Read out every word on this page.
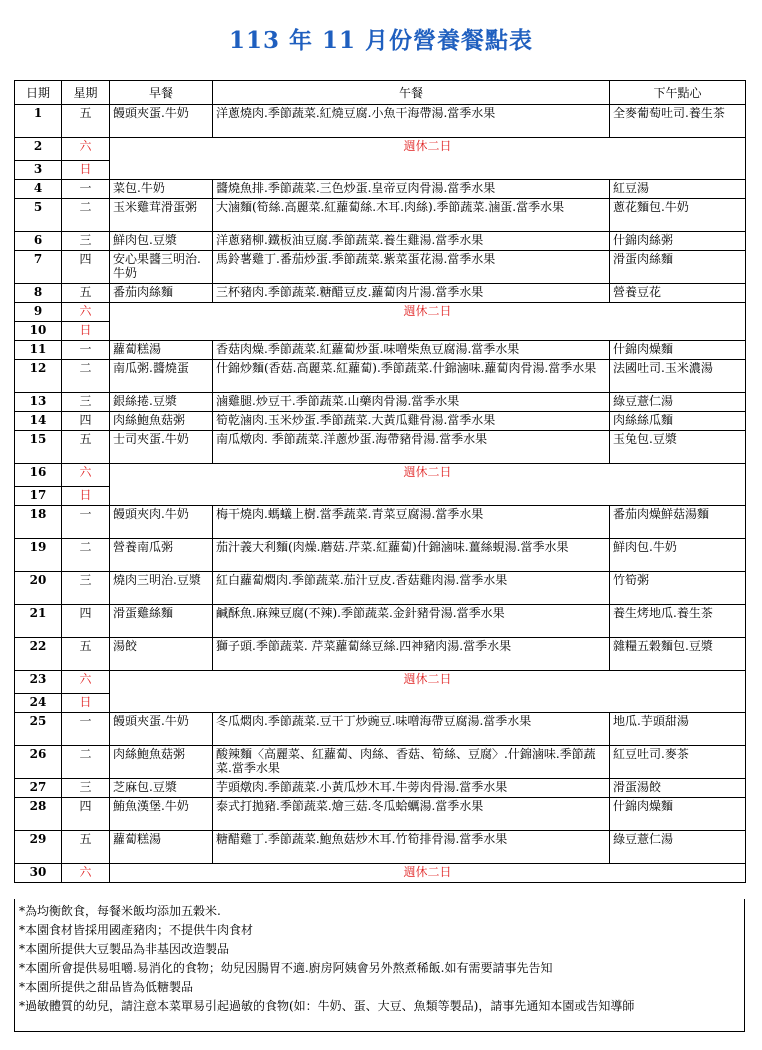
113 年 11 月份營養餐點表
日期	星期	早餐	午餐	下午點心
1	五	饅頭夾蛋.牛奶	洋蔥燒肉.季節蔬菜.紅燒豆腐.小魚干海帶湯.當季水果	全麥葡萄吐司.養生茶
2	六	週休二日		
3	日			
4	一	菜包.牛奶	醬燒魚排.季節蔬菜.三色炒蛋.皇帝豆肉骨湯.當季水果	紅豆湯
5	二	玉米雞茸滑蛋粥	大滷麵(筍絲.高麗菜.紅蘿蔔絲.木耳.肉絲).季節蔬菜.滷蛋.當季水果	蔥花麵包.牛奶
6	三	鮮肉包.豆漿	洋蔥豬柳.鐵板油豆腐.季節蔬菜.養生雞湯.當季水果	什錦肉絲粥
7	四	安心果醬三明治.牛奶	馬鈴薯雞丁.番茄炒蛋.季節蔬菜.紫菜蛋花湯.當季水果	滑蛋肉絲麵
8	五	番茄肉絲麵	三杯豬肉.季節蔬菜.糖醋豆皮.蘿蔔肉片湯.當季水果	營養豆花
9	六	週休二日		
10	日			
11	一	蘿蔔糕湯	香菇肉燥.季節蔬菜.紅蘿蔔炒蛋.味噌柴魚豆腐湯.當季水果	什錦肉燥麵
12	二	南瓜粥.醬燒蛋	什錦炒麵(香菇.高麗菜.紅蘿蔔).季節蔬菜.什錦滷味.蘿蔔肉骨湯.當季水果	法國吐司.玉米濃湯
13	三	銀絲捲.豆漿	滷雞腿.炒豆干.季節蔬菜.山藥肉骨湯.當季水果	綠豆薏仁湯
14	四	肉絲鮑魚菇粥	筍乾滷肉.玉米炒蛋.季節蔬菜.大黃瓜雞骨湯.當季水果	肉絲絲瓜麵
15	五	士司夾蛋.牛奶	南瓜燉肉. 季節蔬菜.洋蔥炒蛋.海帶豬骨湯.當季水果	玉兔包.豆漿
16	六	週休二日		
17	日			
18	一	饅頭夾肉.牛奶	梅干燒肉.螞蟻上樹.當季蔬菜.青菜豆腐湯.當季水果	番茄肉燥鮮菇湯麵
19	二	營養南瓜粥	茄汁義大利麵(肉燥.蘑菇.芹菜.紅蘿蔔)什錦滷味.薑絲蜆湯.當季水果	鮮肉包.牛奶
20	三	燒肉三明治.豆漿	紅白蘿蔔燜肉.季節蔬菜.茄汁豆皮.香菇雞肉湯.當季水果	竹筍粥
21	四	滑蛋雞絲麵	鹹酥魚.麻辣豆腐(不辣).季節蔬菜.金針豬骨湯.當季水果	養生烤地瓜.養生茶
22	五	湯餃	獅子頭.季節蔬菜. 芹菜蘿蔔絲豆絲.四神豬肉湯.當季水果	雜糧五穀麵包.豆漿
23	六	週休二日		
24	日			
25	一	饅頭夾蛋.牛奶	冬瓜燜肉.季節蔬菜.豆干丁炒豌豆.味噌海帶豆腐湯.當季水果	地瓜.芋頭甜湯
26	二	肉絲鮑魚菇粥	酸辣麵〈高麗菜、紅蘿蔔、肉絲、香菇、筍絲、豆腐〉.什錦滷味.季節蔬菜.當季水果	紅豆吐司.麥茶
27	三	芝麻包.豆漿	芋頭燉肉.季節蔬菜.小黃瓜炒木耳.牛蒡肉骨湯.當季水果	滑蛋湯餃
28	四	鮪魚漢堡.牛奶	泰式打拋豬.季節蔬菜.燴三菇.冬瓜蛤蠣湯.當季水果	什錦肉燥麵
29	五	蘿蔔糕湯	糖醋雞丁.季節蔬菜.鮑魚菇炒木耳.竹筍排骨湯.當季水果	綠豆薏仁湯
30	六	週休二日		
*為均衡飲食，每餐米飯均添加五穀米.
*本園食材皆採用國產豬肉；不提供牛肉食材
*本園所提供大豆製品為非基因改造製品
*本園所會提供易咀嚼.易消化的食物；幼兒因腸胃不適.廚房阿姨會另外熬煮稀飯.如有需要請事先告知
*本園所提供之甜品皆為低糖製品
*過敏體質的幼兒，請注意本菜單易引起過敏的食物(如：牛奶、蛋、大豆、魚類等製品)，請事先通知本園或告知導師
